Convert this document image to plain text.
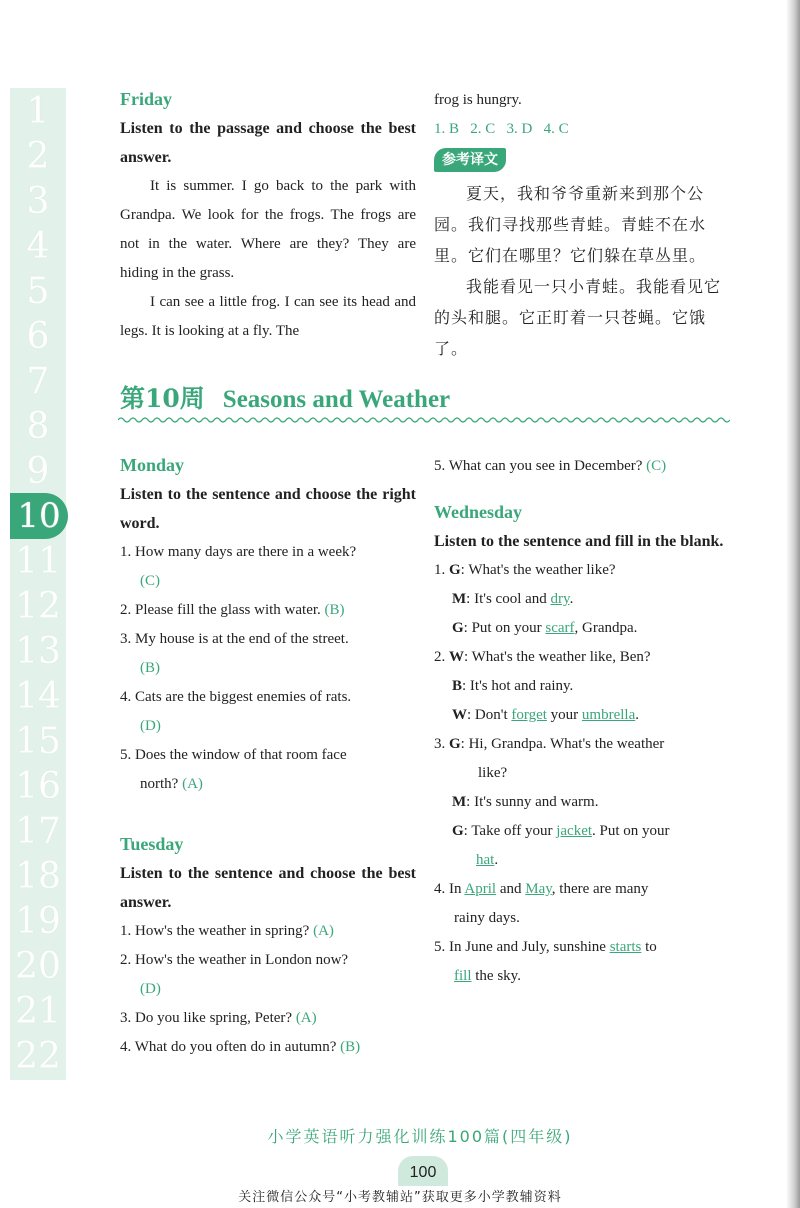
1
2
3
4
5
6
7
8
9
10
11
12
13
14
15
16
17
18
19
20
21
22
Friday
Listen to the passage and choose the best answer.
It is summer. I go back to the park with Grandpa. We look for the frogs. The frogs are not in the water. Where are they? They are hiding in the grass.
I can see a little frog. I can see its head and legs. It is looking at a fly. The
frog is hungry.
1. B   2. C   3. D   4. C
参考译文
夏天，我和爷爷重新来到那个公园。我们寻找那些青蛙。青蛙不在水里。它们在哪里？它们躲在草丛里。
我能看见一只小青蛙。我能看见它的头和腿。它正盯着一只苍蝇。它饿了。
第10周 Seasons and Weather
Monday
Listen to the sentence and choose the right word.
1. How many days are there in a week?
(C)
2. Please fill the glass with water. (B)
3. My house is at the end of the street.
(B)
4. Cats are the biggest enemies of rats.
(D)
5. Does the window of that room face
north? (A)
Tuesday
Listen to the sentence and choose the best answer.
1. How's the weather in spring? (A)
2. How's the weather in London now?
(D)
3. Do you like spring, Peter? (A)
4. What do you often do in autumn? (B)
5. What can you see in December? (C)
Wednesday
Listen to the sentence and fill in the blank.
1. G: What's the weather like?
M: It's cool and dry.
G: Put on your scarf, Grandpa.
2. W: What's the weather like, Ben?
B: It's hot and rainy.
W: Don't forget your umbrella.
3. G: Hi, Grandpa. What's the weather
like?
M: It's sunny and warm.
G: Take off your jacket. Put on your
hat.
4. In April and May, there are many
rainy days.
5. In June and July, sunshine starts to
fill the sky.
小学英语听力强化训练100篇(四年级)
100
关注微信公众号“小考教辅站”获取更多小学教辅资料
